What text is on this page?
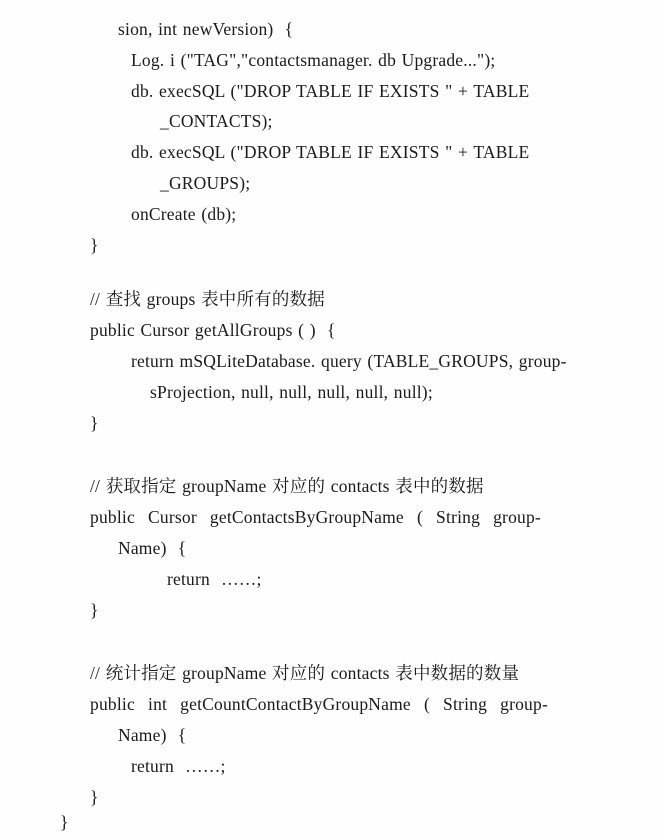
sion, int newVersion)  {
Log. i ("TAG","contactsmanager. db Upgrade...");
db. execSQL ("DROP TABLE IF EXISTS " + TABLE
_CONTACTS);
db. execSQL ("DROP TABLE IF EXISTS " + TABLE
_GROUPS);
onCreate (db);
}
// 查找 groups 表中所有的数据
public Cursor getAllGroups ( )  {
return mSQLiteDatabase. query (TABLE_GROUPS, group-
sProjection, null, null, null, null, null);
}
// 获取指定 groupName 对应的 contacts 表中的数据
public Cursor getContactsByGroupName ( String group-
Name)  {
return  ……;
}
// 统计指定 groupName 对应的 contacts 表中数据的数量
public int getCountContactByGroupName ( String group-
Name)  {
return  ……;
}
}
